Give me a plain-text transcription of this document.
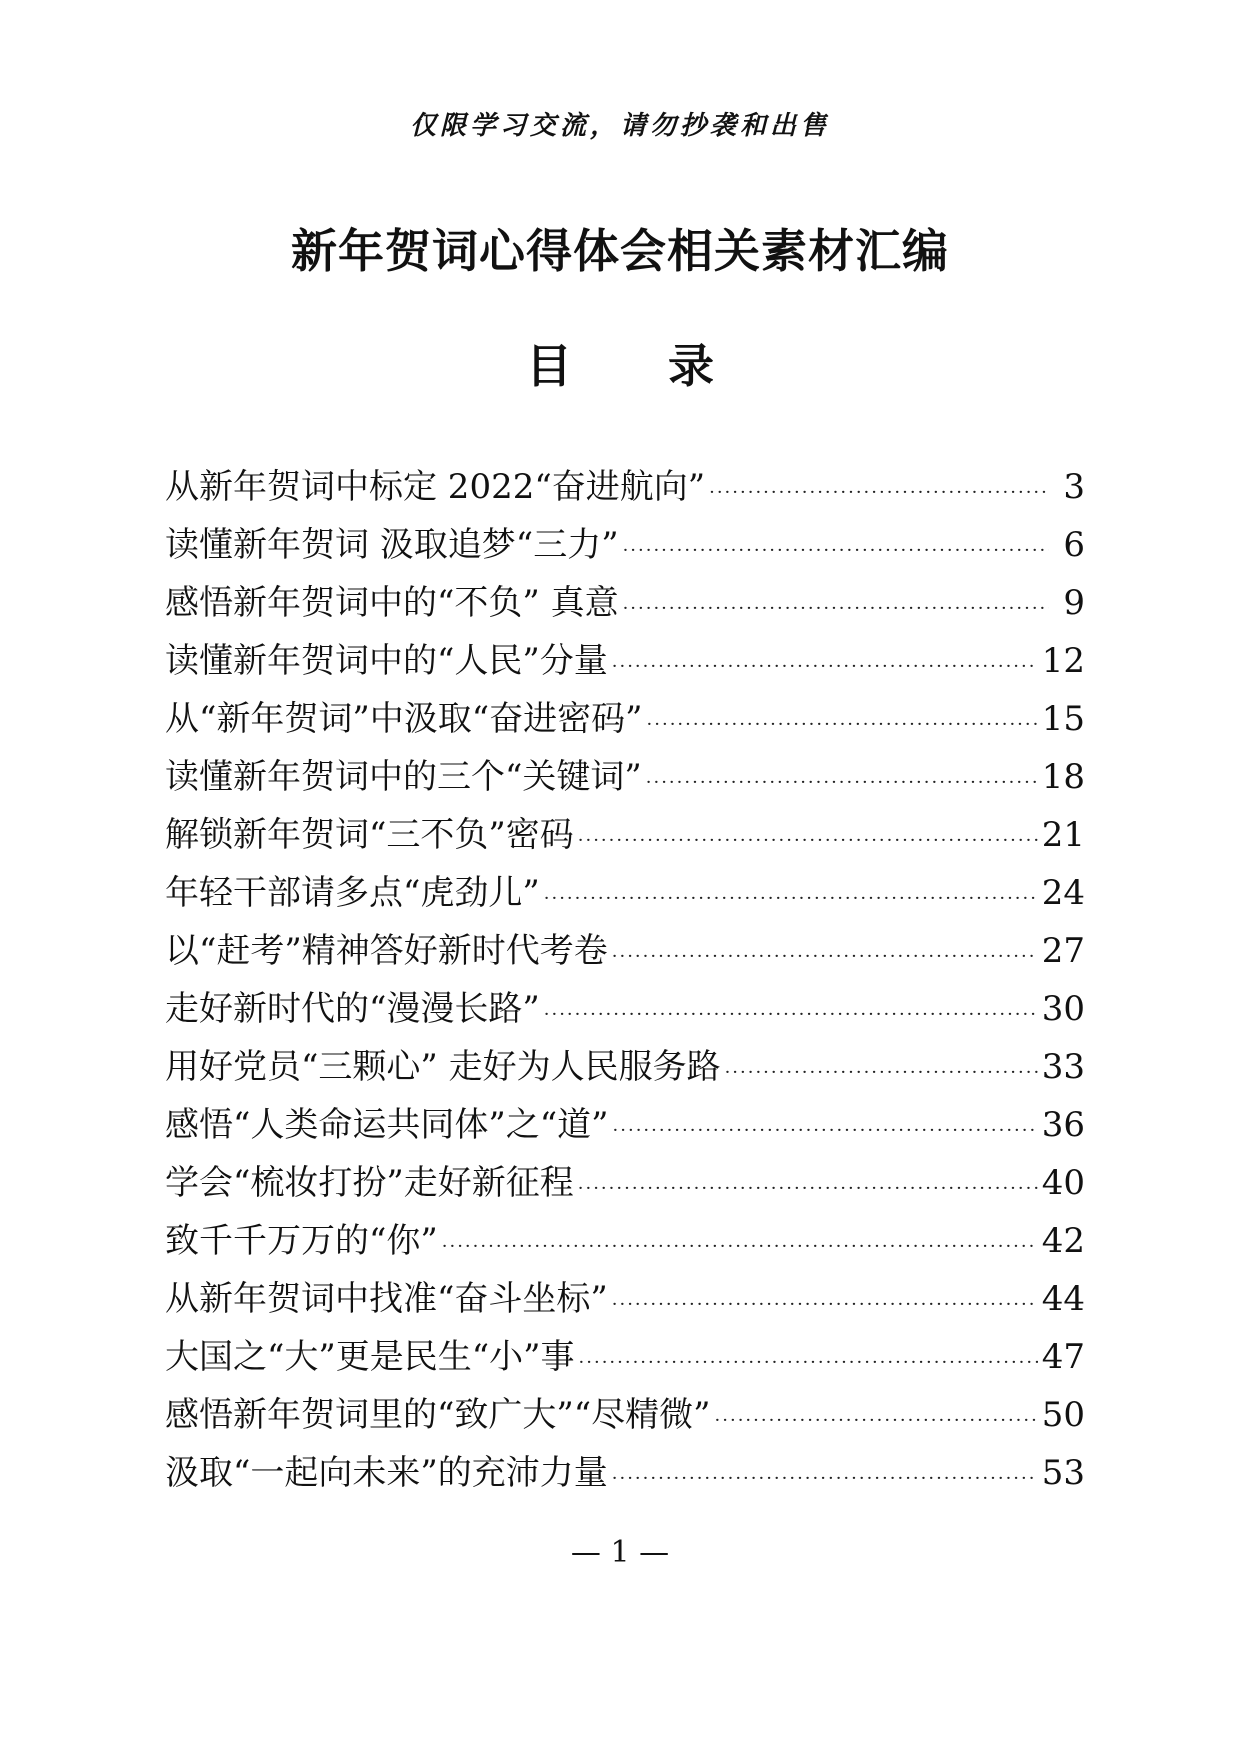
仅限学习交流，请勿抄袭和出售
新年贺词心得体会相关素材汇编
目 录
从新年贺词中标定 2022“奋进航向” ·····	3
读懂新年贺词 汲取追梦“三力” ·····	6
感悟新年贺词中的“不负” 真意 ·····	9
读懂新年贺词中的“人民”分量 ·····	12
从“新年贺词”中汲取“奋进密码” ·····	15
读懂新年贺词中的三个“关键词” ·····	18
解锁新年贺词“三不负”密码 ·····	21
年轻干部请多点“虎劲儿” ·····	24
以“赶考”精神答好新时代考卷 ·····	27
走好新时代的“漫漫长路” ·····	30
用好党员“三颗心” 走好为人民服务路 ·····	33
感悟“人类命运共同体”之“道” ·····	36
学会“梳妆打扮”走好新征程 ·····	40
致千千万万的“你” ·····	42
从新年贺词中找准“奋斗坐标” ·····	44
大国之“大”更是民生“小”事 ·····	47
感悟新年贺词里的“致广大”“尽精微” ·····	50
汲取“一起向未来”的充沛力量 ·····	53
— 1 —
